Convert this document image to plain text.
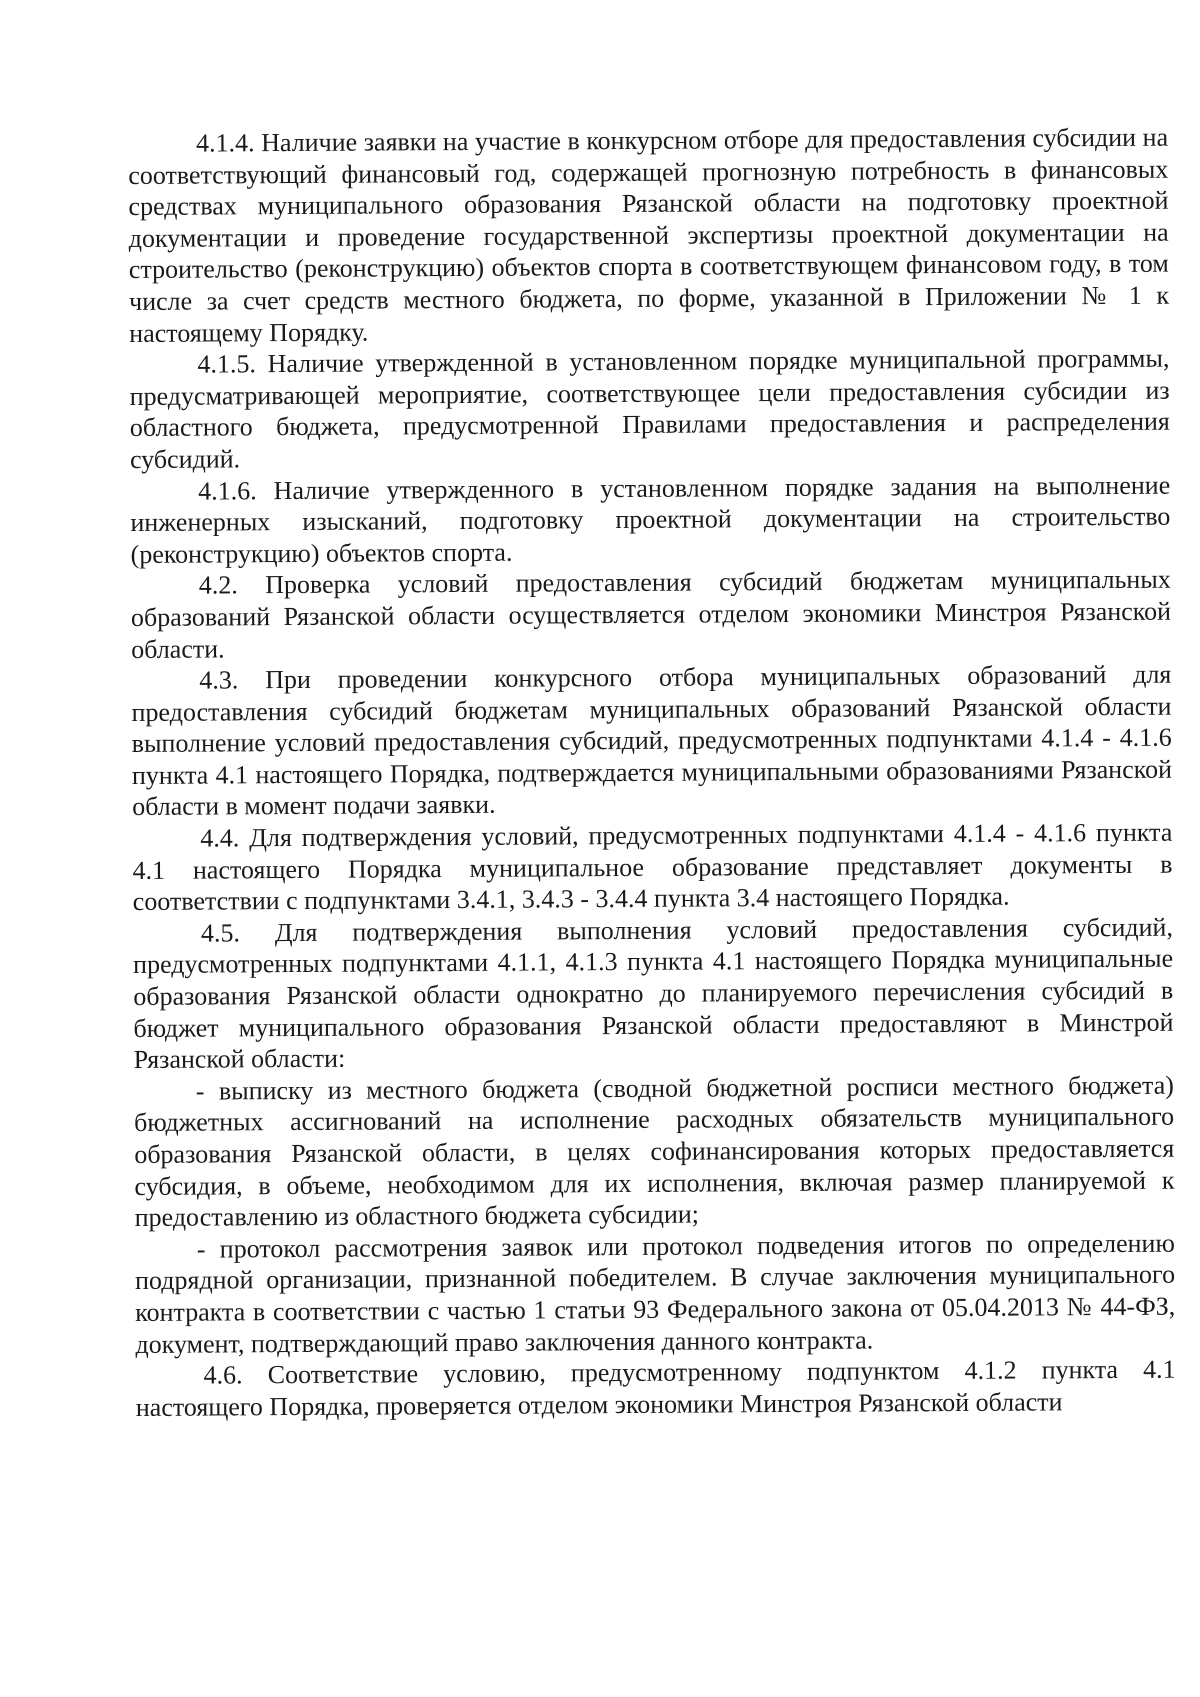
4.1.4. Наличие заявки на участие в конкурсном отборе для предоставления субсидии на соответствующий финансовый год, содержащей прогнозную потребность в финансовых средствах муниципального образования Рязанской области на подготовку проектной документации и проведение государственной экспертизы проектной документации на строительство (реконструкцию) объектов спорта в соответствующем финансовом году, в том числе за счет средств местного бюджета, по форме, указанной в Приложении № 1 к настоящему Порядку.

4.1.5. Наличие утвержденной в установленном порядке муниципальной программы, предусматривающей мероприятие, соответствующее цели предоставления субсидии из областного бюджета, предусмотренной Правилами предоставления и распределения субсидий.

4.1.6. Наличие утвержденного в установленном порядке задания на выполнение инженерных изысканий, подготовку проектной документации на строительство (реконструкцию) объектов спорта.

4.2. Проверка условий предоставления субсидий бюджетам муниципальных образований Рязанской области осуществляется отделом экономики Минстроя Рязанской области.

4.3. При проведении конкурсного отбора муниципальных образований для предоставления субсидий бюджетам муниципальных образований Рязанской области выполнение условий предоставления субсидий, предусмотренных подпунктами 4.1.4 - 4.1.6 пункта 4.1 настоящего Порядка, подтверждается муниципальными образованиями Рязанской области в момент подачи заявки.

4.4. Для подтверждения условий, предусмотренных подпунктами 4.1.4 - 4.1.6 пункта 4.1 настоящего Порядка муниципальное образование представляет документы в соответствии с подпунктами 3.4.1, 3.4.3 - 3.4.4 пункта 3.4 настоящего Порядка.

4.5. Для подтверждения выполнения условий предоставления субсидий, предусмотренных подпунктами 4.1.1, 4.1.3 пункта 4.1 настоящего Порядка муниципальные образования Рязанской области однократно до планируемого перечисления субсидий в бюджет муниципального образования Рязанской области предоставляют в Минстрой Рязанской области:

- выписку из местного бюджета (сводной бюджетной росписи местного бюджета) бюджетных ассигнований на исполнение расходных обязательств муниципального образования Рязанской области, в целях софинансирования которых предоставляется субсидия, в объеме, необходимом для их исполнения, включая размер планируемой к предоставлению из областного бюджета субсидии;

- протокол рассмотрения заявок или протокол подведения итогов по определению подрядной организации, признанной победителем. В случае заключения муниципального контракта в соответствии с частью 1 статьи 93 Федерального закона от 05.04.2013 № 44-ФЗ, документ, подтверждающий право заключения данного контракта.

4.6. Соответствие условию, предусмотренному подпунктом 4.1.2 пункта 4.1 настоящего Порядка, проверяется отделом экономики Минстроя Рязанской области
